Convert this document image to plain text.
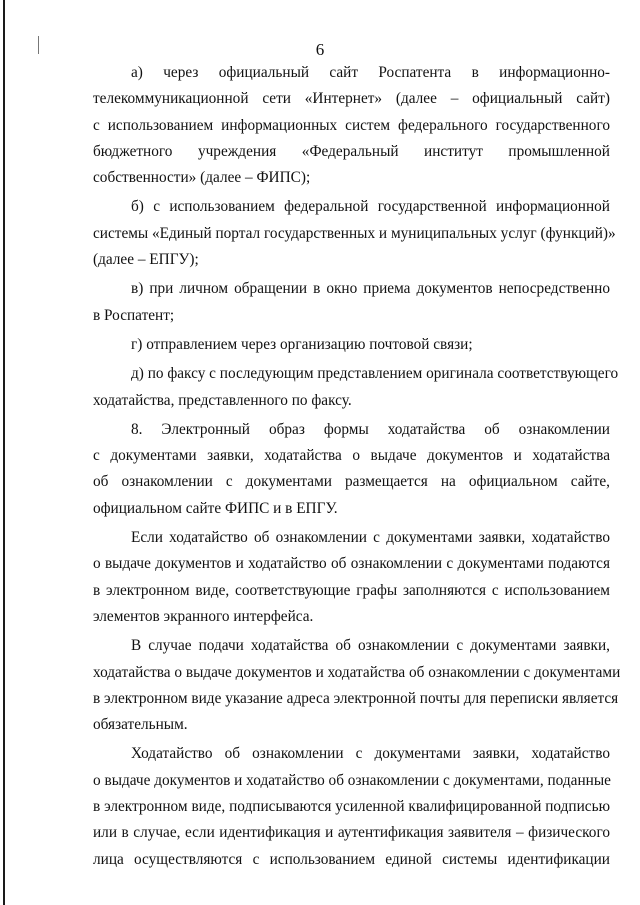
6
а) через официальный сайт Роспатента в информационно-
телекоммуникационной сети «Интернет» (далее – официальный сайт)
с использованием информационных систем федерального государственного
бюджетного учреждения «Федеральный институт промышленной
собственности» (далее – ФИПС);
б) с использованием федеральной государственной информационной
системы «Единый портал государственных и муниципальных услуг (функций)»
(далее – ЕПГУ);
в) при личном обращении в окно приема документов непосредственно
в Роспатент;
г) отправлением через организацию почтовой связи;
д) по факсу с последующим представлением оригинала соответствующего
ходатайства, представленного по факсу.
8. Электронный образ формы ходатайства об ознакомлении
с документами заявки, ходатайства о выдаче документов и ходатайства
об ознакомлении с документами размещается на официальном сайте,
официальном сайте ФИПС и в ЕПГУ.
Если ходатайство об ознакомлении с документами заявки, ходатайство
о выдаче документов и ходатайство об ознакомлении с документами подаются
в электронном виде, соответствующие графы заполняются с использованием
элементов экранного интерфейса.
В случае подачи ходатайства об ознакомлении с документами заявки,
ходатайства о выдаче документов и ходатайства об ознакомлении с документами
в электронном виде указание адреса электронной почты для переписки является
обязательным.
Ходатайство об ознакомлении с документами заявки, ходатайство
о выдаче документов и ходатайство об ознакомлении с документами, поданные
в электронном виде, подписываются усиленной квалифицированной подписью
или в случае, если идентификация и аутентификация заявителя – физического
лица осуществляются с использованием единой системы идентификации
